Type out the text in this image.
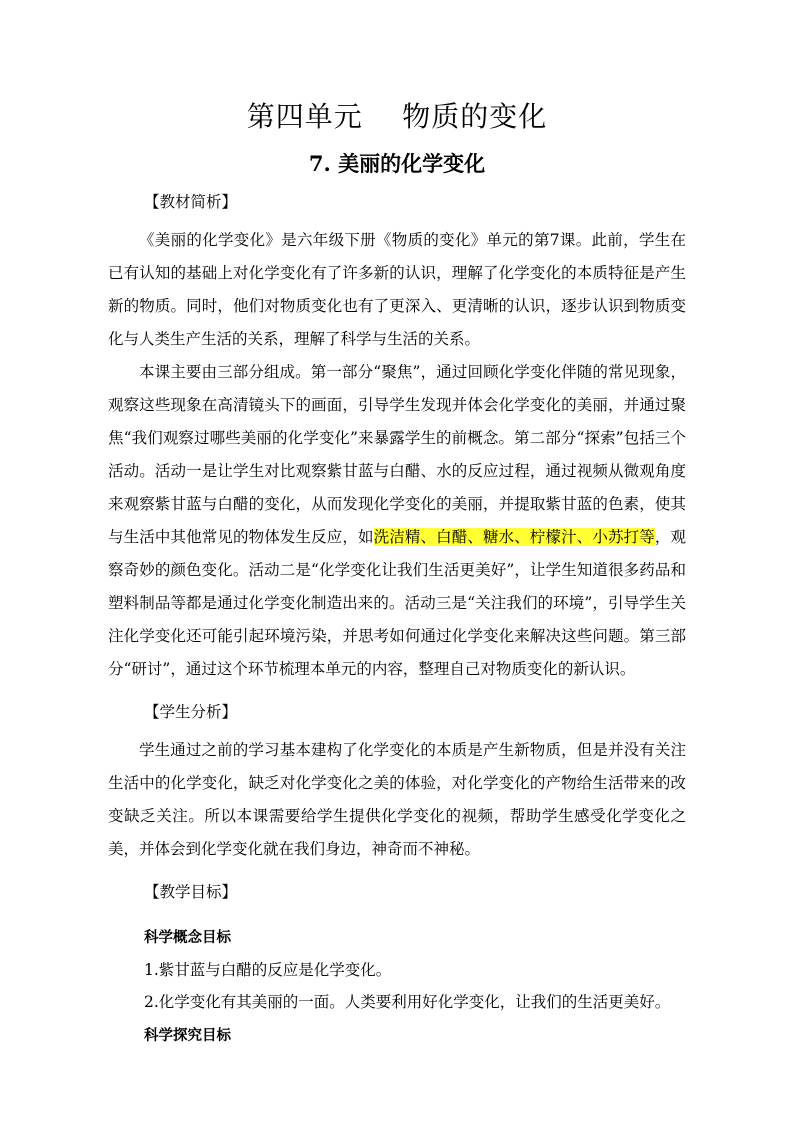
第四单元    物质的变化
7. 美丽的化学变化
【教材简析】

《美丽的化学变化》是六年级下册《物质的变化》单元的第7课。此前，学生在已有认知的基础上对化学变化有了许多新的认识，理解了化学变化的本质特征是产生新的物质。同时，他们对物质变化也有了更深入、更清晰的认识，逐步认识到物质变化与人类生产生活的关系，理解了科学与生活的关系。

本课主要由三部分组成。第一部分“聚焦”，通过回顾化学变化伴随的常见现象，观察这些现象在高清镜头下的画面，引导学生发现并体会化学变化的美丽，并通过聚焦“我们观察过哪些美丽的化学变化”来暴露学生的前概念。第二部分“探索”包括三个活动。活动一是让学生对比观察紫甘蓝与白醋、水的反应过程，通过视频从微观角度来观察紫甘蓝与白醋的变化，从而发现化学变化的美丽，并提取紫甘蓝的色素，使其与生活中其他常见的物体发生反应，如洗洁精、白醋、糖水、柠檬汁、小苏打等，观察奇妙的颜色变化。活动二是“化学变化让我们生活更美好”，让学生知道很多药品和塑料制品等都是通过化学变化制造出来的。活动三是“关注我们的环境”，引导学生关注化学变化还可能引起环境污染，并思考如何通过化学变化来解决这些问题。第三部分“研讨”，通过这个环节梳理本单元的内容，整理自己对物质变化的新认识。

【学生分析】

学生通过之前的学习基本建构了化学变化的本质是产生新物质，但是并没有关注生活中的化学变化，缺乏对化学变化之美的体验，对化学变化的产物给生活带来的改变缺乏关注。所以本课需要给学生提供化学变化的视频，帮助学生感受化学变化之美，并体会到化学变化就在我们身边，神奇而不神秘。

【教学目标】
科学概念目标
1.紫甘蓝与白醋的反应是化学变化。
2.化学变化有其美丽的一面。人类要利用好化学变化，让我们的生活更美好。
科学探究目标
